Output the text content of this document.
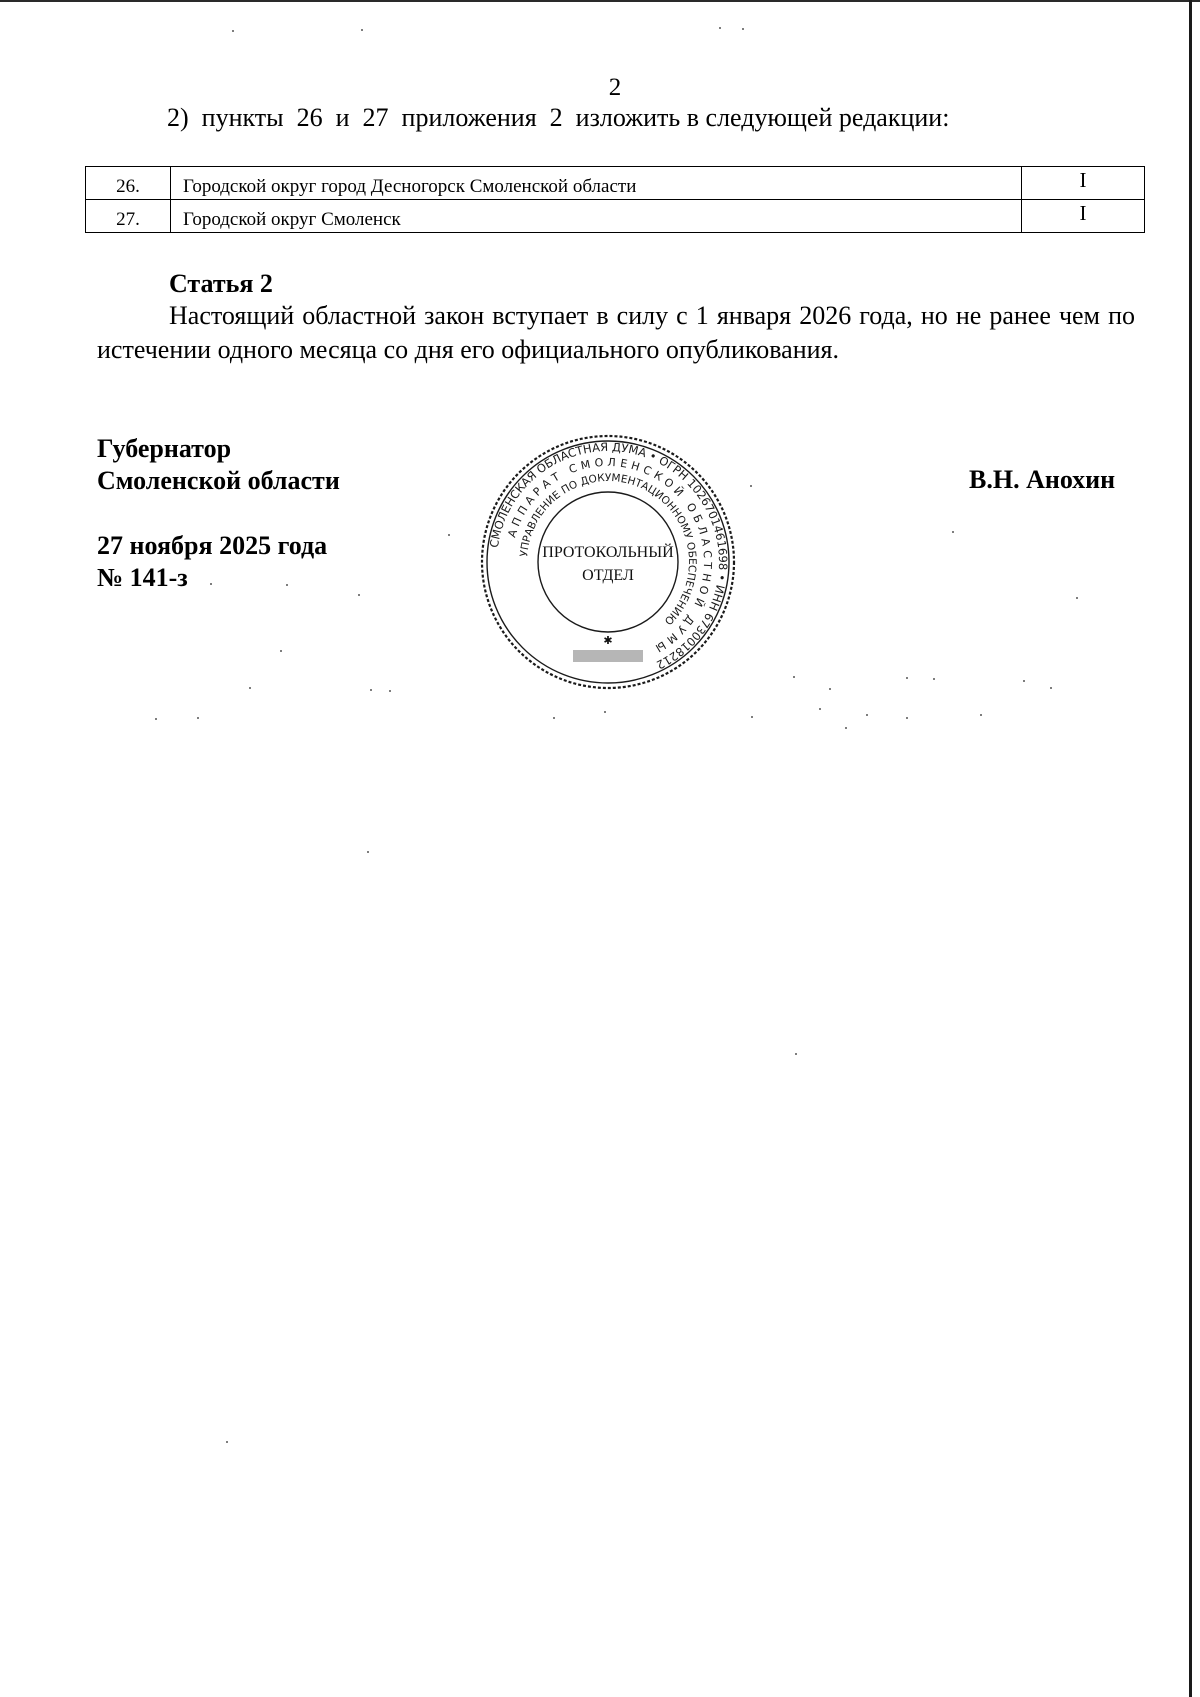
2
2) пункты 26 и 27 приложения 2 изложить в следующей редакции:
26.	Городской округ город Десногорск Смоленской области	I
27.	Городской округ Смоленск	I
Статья 2
Настоящий областной закон вступает в силу с 1 января 2026 года, но не ранее чем по истечении одного месяца со дня его официального опубликования.
Губернатор
Смоленской области	В.Н. Анохин
27 ноября 2025 года
№ 141-з
СМОЛЕНСКАЯ ОБЛАСТНАЯ ДУМА • ОГРН 1026701461698 • ИНН 6730018212
АППАРАТ СМОЛЕНСКОЙ ОБЛАСТНОЙ ДУМЫ
УПРАВЛЕНИЕ ПО ДОКУМЕНТАЦИОННОМУ ОБЕСПЕЧЕНИЮ
ПРОТОКОЛЬНЫЙ
ОТДЕЛ
✱
